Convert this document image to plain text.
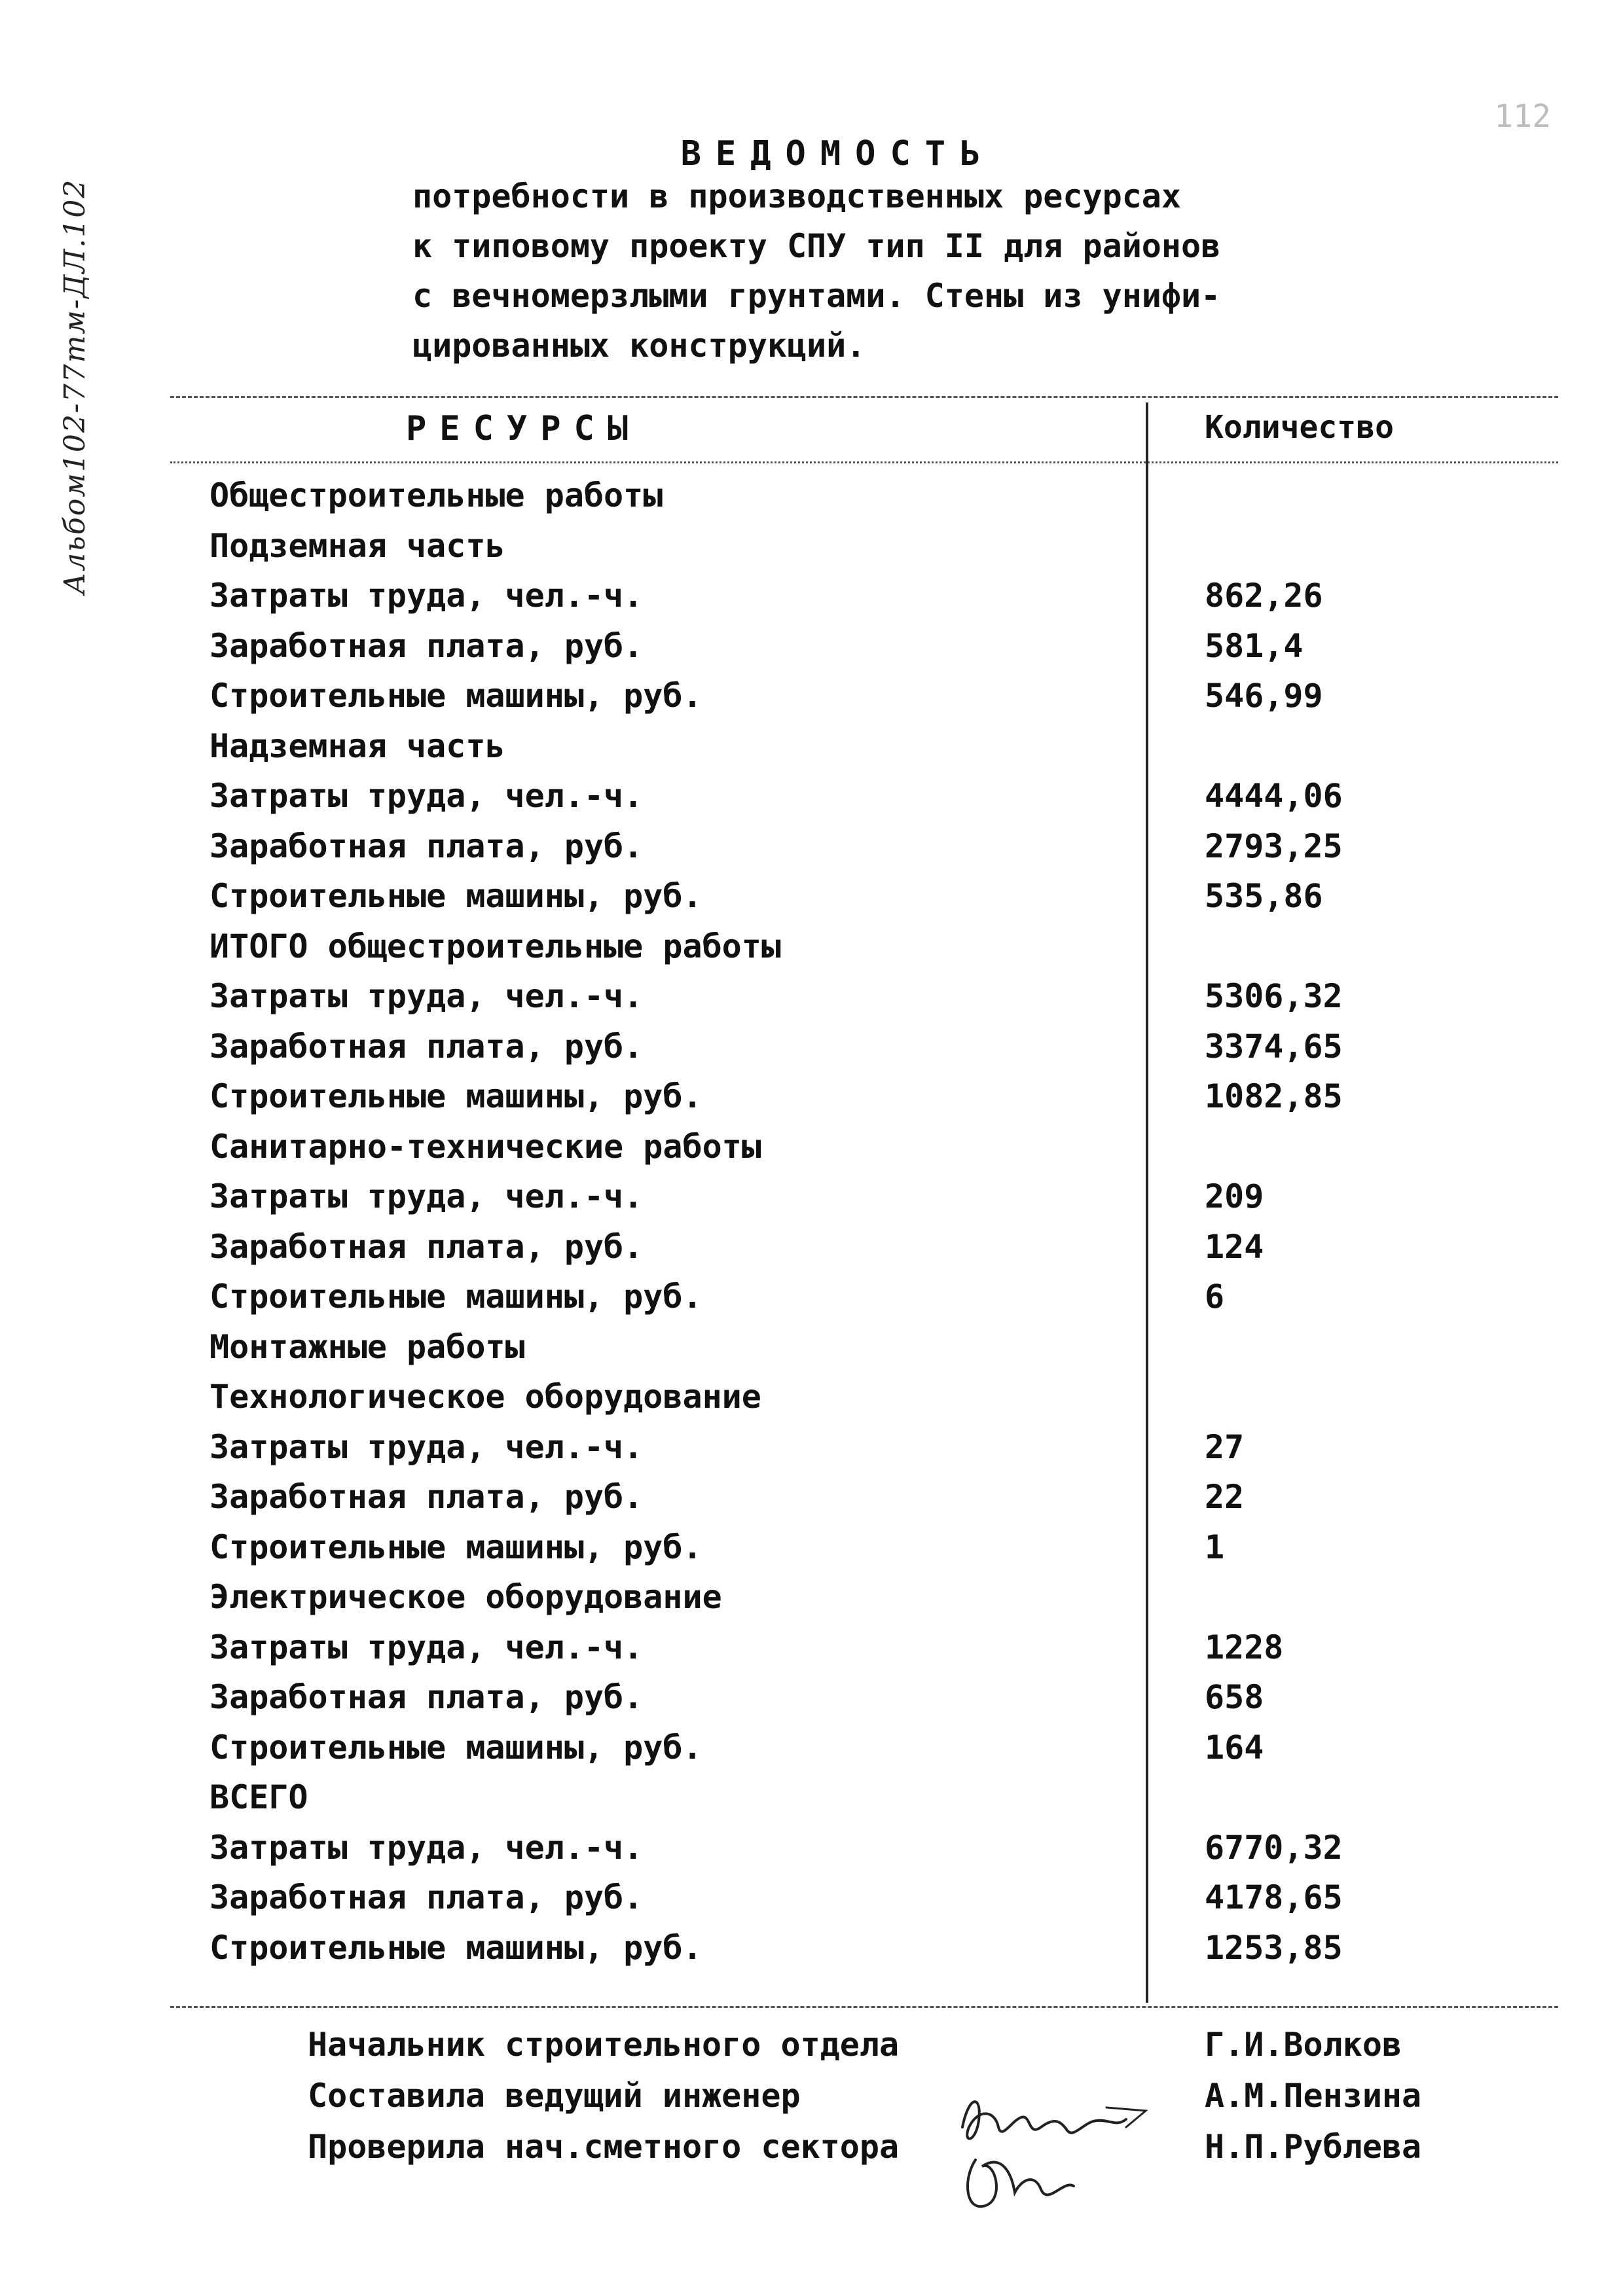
Альбом102-77тм-ДЛ.102
112
ВЕДОМОСТЬ
потребности в производственных ресурсах
к типовому проекту СПУ тип II для районов
с вечномерзлыми грунтами. Стены из унифи-
цированных конструкций.
РЕСУРСЫ	Количество
Общестроительные работы
Подземная часть
Затраты труда, чел.-ч.	862,26
Заработная плата, руб.	581,4
Строительные машины, руб.	546,99
Надземная часть
Затраты труда, чел.-ч.	4444,06
Заработная плата, руб.	2793,25
Строительные машины, руб.	535,86
ИТОГО общестроительные работы
Затраты труда, чел.-ч.	5306,32
Заработная плата, руб.	3374,65
Строительные машины, руб.	1082,85
Санитарно-технические работы
Затраты труда, чел.-ч.	209
Заработная плата, руб.	124
Строительные машины, руб.	6
Монтажные работы
Технологическое оборудование
Затраты труда, чел.-ч.	27
Заработная плата, руб.	22
Строительные машины, руб.	1
Электрическое оборудование
Затраты труда, чел.-ч.	1228
Заработная плата, руб.	658
Строительные машины, руб.	164
ВСЕГО
Затраты труда, чел.-ч.	6770,32
Заработная плата, руб.	4178,65
Строительные машины, руб.	1253,85
Начальник строительного отдела	Г.И.Волков
Составила ведущий инженер	А.М.Пензина
Проверила нач.сметного сектора	Н.П.Рублева
